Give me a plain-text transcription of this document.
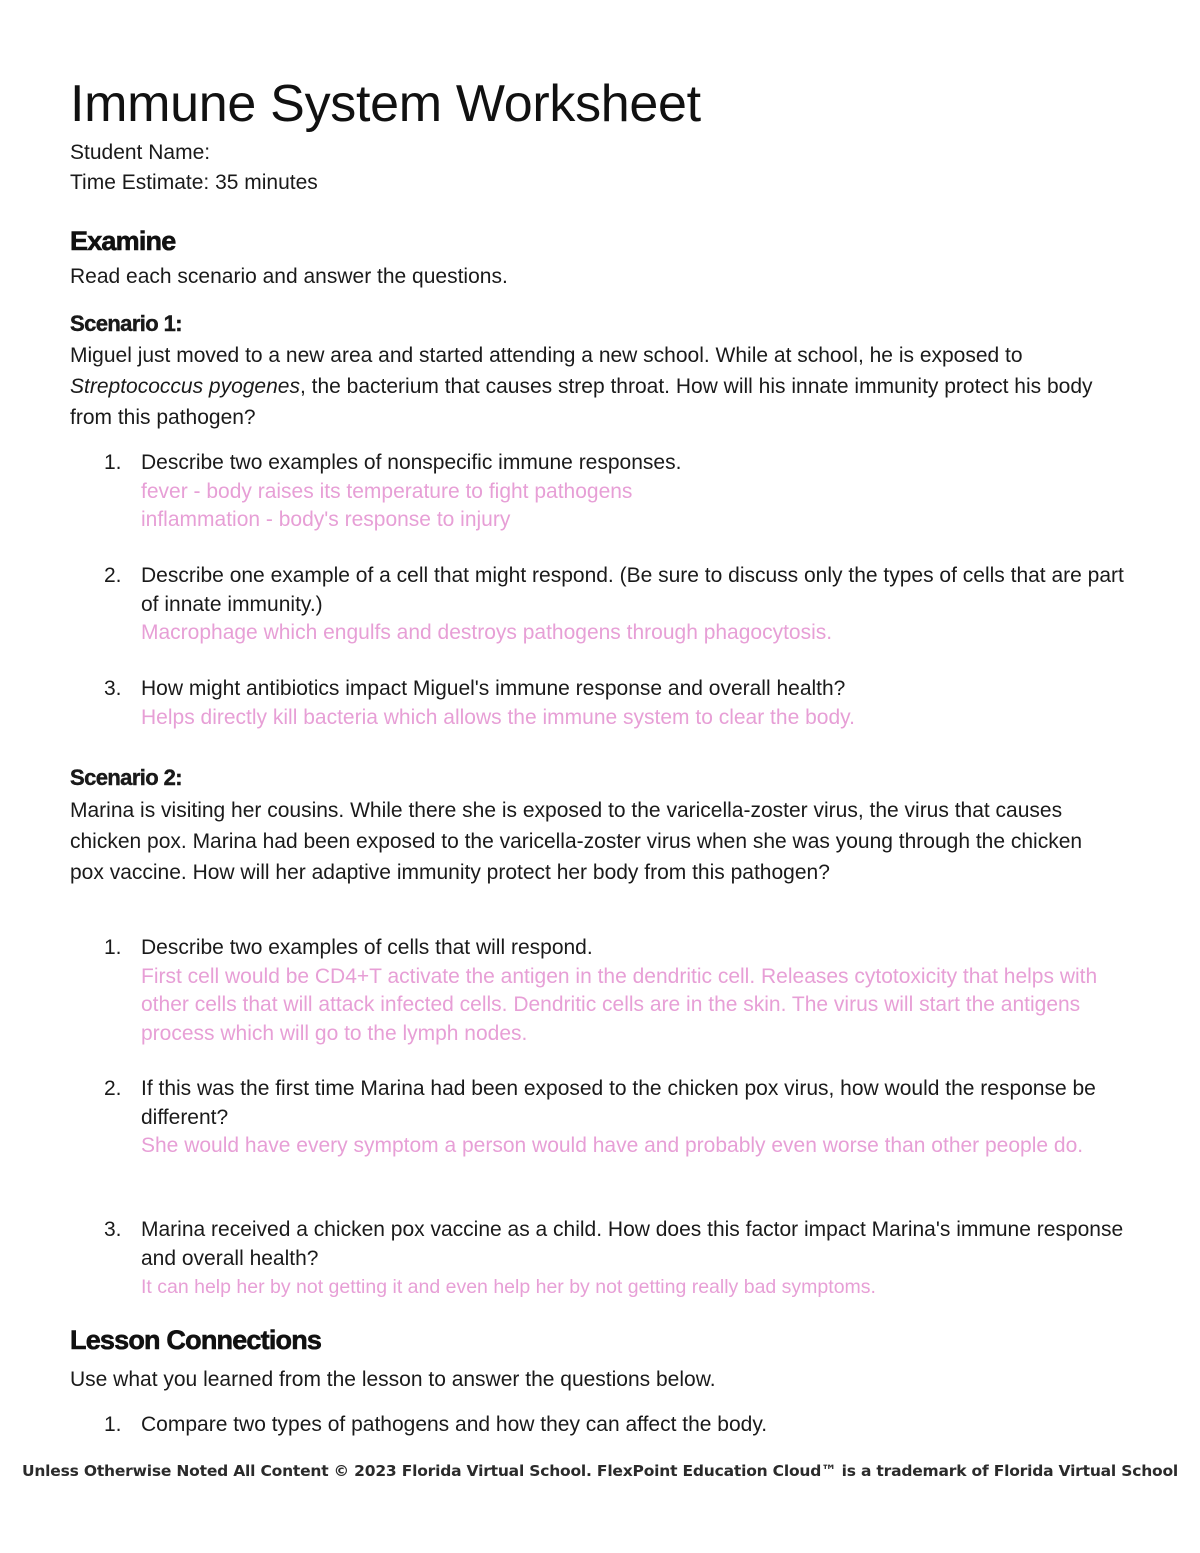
Immune System Worksheet
Student Name:
Time Estimate: 35 minutes
Examine
Read each scenario and answer the questions.
Scenario 1:
Miguel just moved to a new area and started attending a new school. While at school, he is exposed to Streptococcus pyogenes, the bacterium that causes strep throat. How will his innate immunity protect his body from this pathogen?
1. Describe two examples of nonspecific immune responses.
fever - body raises its temperature to fight pathogens
inflammation - body's response to injury
2. Describe one example of a cell that might respond. (Be sure to discuss only the types of cells that are part of innate immunity.)
Macrophage which engulfs and destroys pathogens through phagocytosis.
3. How might antibiotics impact Miguel's immune response and overall health?
Helps directly kill bacteria which allows the immune system to clear the body.
Scenario 2:
Marina is visiting her cousins. While there she is exposed to the varicella-zoster virus, the virus that causes chicken pox. Marina had been exposed to the varicella-zoster virus when she was young through the chicken pox vaccine. How will her adaptive immunity protect her body from this pathogen?
1. Describe two examples of cells that will respond.
First cell would be CD4+T activate the antigen in the dendritic cell. Releases cytotoxicity that helps with other cells that will attack infected cells. Dendritic cells are in the skin. The virus will start the antigens process which will go to the lymph nodes.
2. If this was the first time Marina had been exposed to the chicken pox virus, how would the response be different?
She would have every symptom a person would have and probably even worse than other people do.
3. Marina received a chicken pox vaccine as a child. How does this factor impact Marina's immune response and overall health?
It can help her by not getting it and even help her by not getting really bad symptoms.
Lesson Connections
Use what you learned from the lesson to answer the questions below.
1. Compare two types of pathogens and how they can affect the body.
Unless Otherwise Noted All Content © 2023 Florida Virtual School. FlexPoint Education Cloud™ is a trademark of Florida Virtual School
